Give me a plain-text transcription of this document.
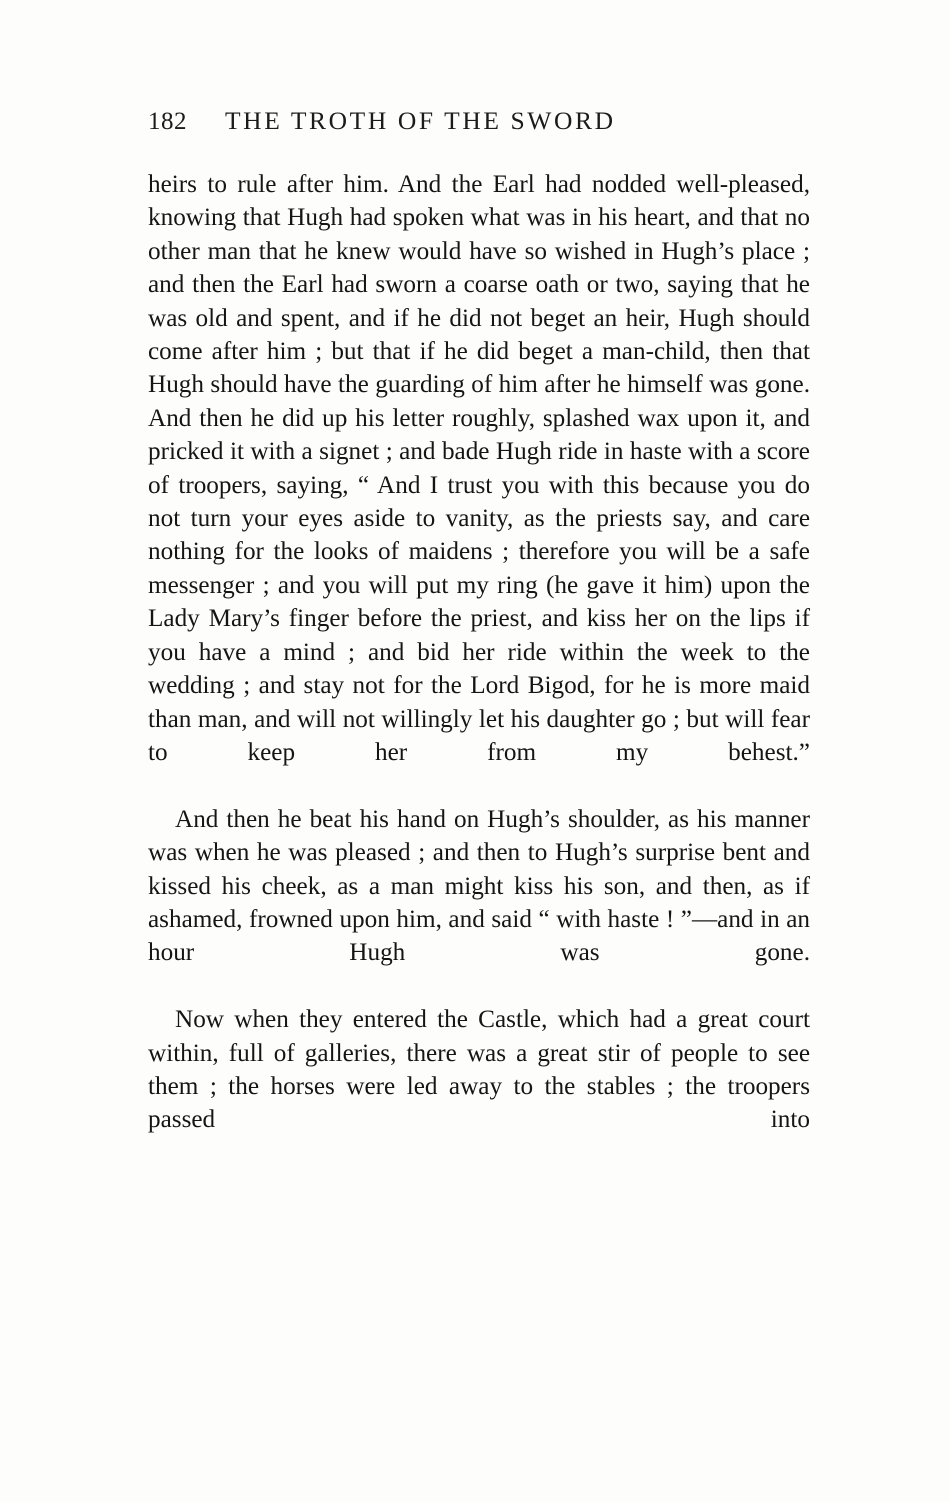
182 THE TROTH OF THE SWORD

heirs to rule after him. And the Earl had nodded well-pleased, knowing that Hugh had spoken what was in his heart, and that no other man that he knew would have so wished in Hugh’s place ; and then the Earl had sworn a coarse oath or two, saying that he was old and spent, and if he did not beget an heir, Hugh should come after him ; but that if he did beget a man-child, then that Hugh should have the guarding of him after he himself was gone. And then he did up his letter roughly, splashed wax upon it, and pricked it with a signet ; and bade Hugh ride in haste with a score of troopers, saying, “ And I trust you with this because you do not turn your eyes aside to vanity, as the priests say, and care nothing for the looks of maidens ; therefore you will be a safe messenger ; and you will put my ring (he gave it him) upon the Lady Mary’s finger before the priest, and kiss her on the lips if you have a mind ; and bid her ride within the week to the wedding ; and stay not for the Lord Bigod, for he is more maid than man, and will not willingly let his daughter go ; but will fear to keep her from my behest.”

And then he beat his hand on Hugh’s shoulder, as his manner was when he was pleased ; and then to Hugh’s surprise bent and kissed his cheek, as a man might kiss his son, and then, as if ashamed, frowned upon him, and said “ with haste ! ”—and in an hour Hugh was gone.

Now when they entered the Castle, which had a great court within, full of galleries, there was a great stir of people to see them ; the horses were led away to the stables ; the troopers passed into
